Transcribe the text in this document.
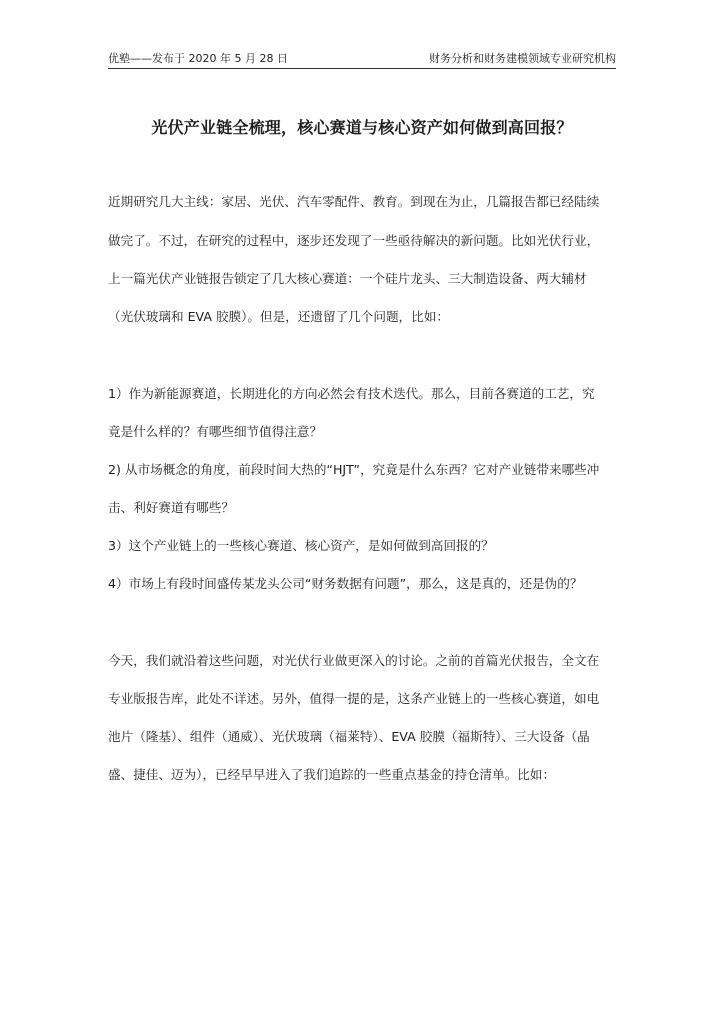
优塾——发布于 2020 年 5 月 28 日	财务分析和财务建模领域专业研究机构
光伏产业链全梳理，核心赛道与核心资产如何做到高回报？
近期研究几大主线：家居、光伏、汽车零配件、教育。到现在为止，几篇报告都已经陆续
做完了。不过，在研究的过程中，逐步还发现了一些亟待解决的新问题。比如光伏行业，
上一篇光伏产业链报告锁定了几大核心赛道：一个硅片龙头、三大制造设备、两大辅材
（光伏玻璃和 EVA 胶膜）。但是，还遗留了几个问题，比如：
1）作为新能源赛道，长期进化的方向必然会有技术迭代。那么，目前各赛道的工艺，究
竟是什么样的？有哪些细节值得注意？
2) 从市场概念的角度，前段时间大热的“HJT”，究竟是什么东西？它对产业链带来哪些冲
击、利好赛道有哪些？
3）这个产业链上的一些核心赛道、核心资产，是如何做到高回报的？
4）市场上有段时间盛传某龙头公司“财务数据有问题”，那么，这是真的，还是伪的？
今天，我们就沿着这些问题，对光伏行业做更深入的讨论。之前的首篇光伏报告，全文在
专业版报告库，此处不详述。另外，值得一提的是，这条产业链上的一些核心赛道，如电
池片（隆基）、组件（通威）、光伏玻璃（福莱特）、EVA 胶膜（福斯特）、三大设备（晶
盛、捷佳、迈为），已经早早进入了我们追踪的一些重点基金的持仓清单。比如：
